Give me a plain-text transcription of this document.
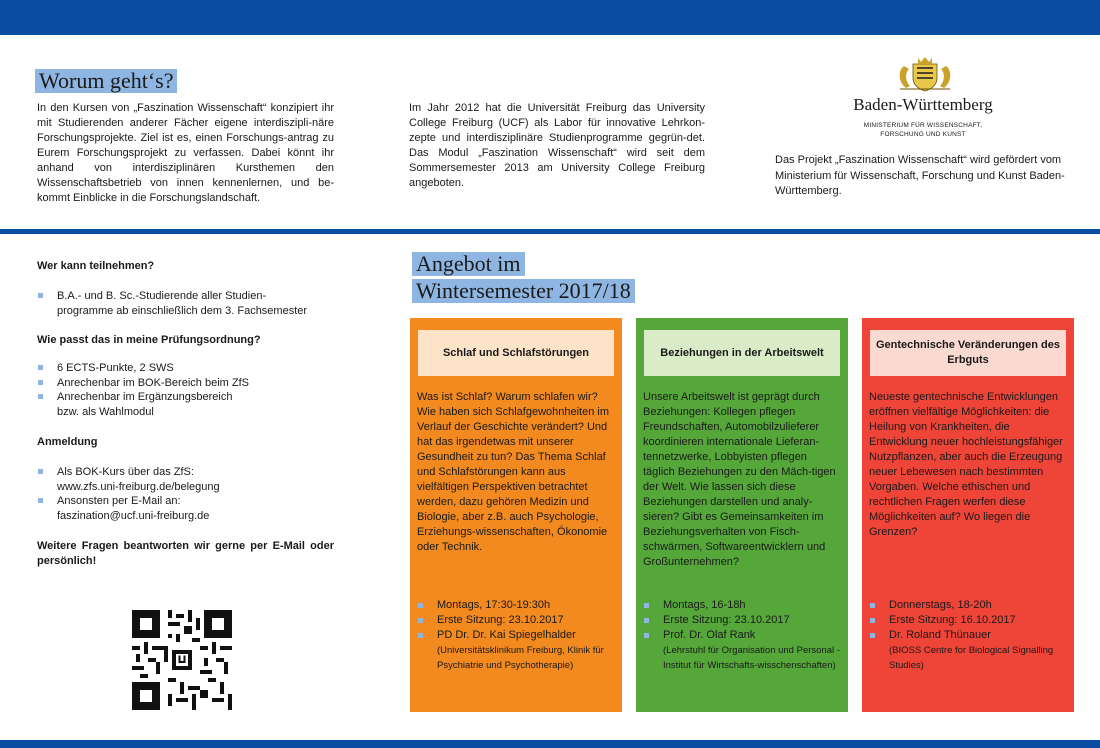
Worum geht‘s?

In den Kursen von „Faszination Wissenschaft“ konzipiert ihr mit Studierenden anderer Fächer eigene interdiszipli-näre Forschungsprojekte. Ziel ist es, einen Forschungs-antrag zu Eurem Forschungsprojekt zu verfassen. Dabei könnt ihr anhand von interdisziplinären Kursthemen den Wissenschaftsbetrieb von innen kennenlernen, und be-kommt Einblicke in die Forschungslandschaft.

Im Jahr 2012 hat die Universität Freiburg das University College Freiburg (UCF) als Labor für innovative Lehrkon-zepte und interdisziplinäre Studienprogramme gegrün-det. Das Modul „Faszination Wissenschaft“ wird seit dem Sommersemester 2013 am University College Freiburg angeboten.

Baden-Württemberg
MINISTERIUM FÜR WISSENSCHAFT,
FORSCHUNG UND KUNST

Das Projekt „Faszination Wissenschaft“ wird gefördert vom Ministerium für Wissenschaft, Forschung und Kunst Baden-Württemberg.

Wer kann teilnehmen?
B.A.- und B. Sc.-Studierende aller Studien-programme ab einschließlich dem 3. Fachsemester
Wie passt das in meine Prüfungsordnung?
6 ECTS-Punkte, 2 SWS
Anrechenbar im BOK-Bereich beim ZfS
Anrechenbar im Ergänzungsbereich bzw. als Wahlmodul
Anmeldung
Als BOK-Kurs über das ZfS: www.zfs.uni-freiburg.de/belegung
Ansonsten per E-Mail an: faszination@ucf.uni-freiburg.de
Weitere Fragen beantworten wir gerne per E-Mail oder persönlich!
Angebot im
Wintersemester 2017/18
Schlaf und Schlafstörungen
Was ist Schlaf? Warum schlafen wir? Wie haben sich Schlafgewohnheiten im Verlauf der Geschichte verändert? Und hat das irgendetwas mit unserer Gesundheit zu tun? Das Thema Schlaf und Schlafstörungen kann aus vielfältigen Perspektiven betrachtet werden, dazu gehören Medizin und Biologie, aber z.B. auch Psychologie, Erziehungs-wissenschaften, Ökonomie oder Technik.
Montags, 17:30-19:30h
Erste Sitzung: 23.10.2017
PD Dr. Dr. Kai Spiegelhalder
(Universitätsklinikum Freiburg, Klinik für Psychiatrie und Psychotherapie)
Beziehungen in der Arbeitswelt
Unsere Arbeitswelt ist geprägt durch Beziehungen: Kollegen pflegen Freundschaften, Automobilzulieferer koordinieren internationale Lieferan-tennetzwerke, Lobbyisten pflegen täglich Beziehungen zu den Mäch-tigen der Welt. Wie lassen sich diese Beziehungen darstellen und analy-sieren? Gibt es Gemeinsamkeiten im Beziehungsverhalten von Fisch-schwärmen, Softwareentwicklern und Großunternehmen?
Montags, 16-18h
Erste Sitzung: 23.10.2017
Prof. Dr. Olaf Rank
(Lehrstuhl für Organisation und Personal - Institut für Wirtschafts-wisschenschaften)
Gentechnische Veränderungen des Erbguts
Neueste gentechnische Entwicklungen eröffnen vielfältige Möglichkeiten: die Heilung von Krankheiten, die Entwicklung neuer hochleistungsfähiger Nutzpflanzen, aber auch die Erzeugung neuer Lebewesen nach bestimmten Vorgaben. Welche ethischen und rechtlichen Fragen werfen diese Möglichkeiten auf? Wo liegen die Grenzen?
Donnerstags, 18-20h
Erste Sitzung: 16.10.2017
Dr. Roland Thünauer
(BIOSS Centre for Biological Signalling Studies)
